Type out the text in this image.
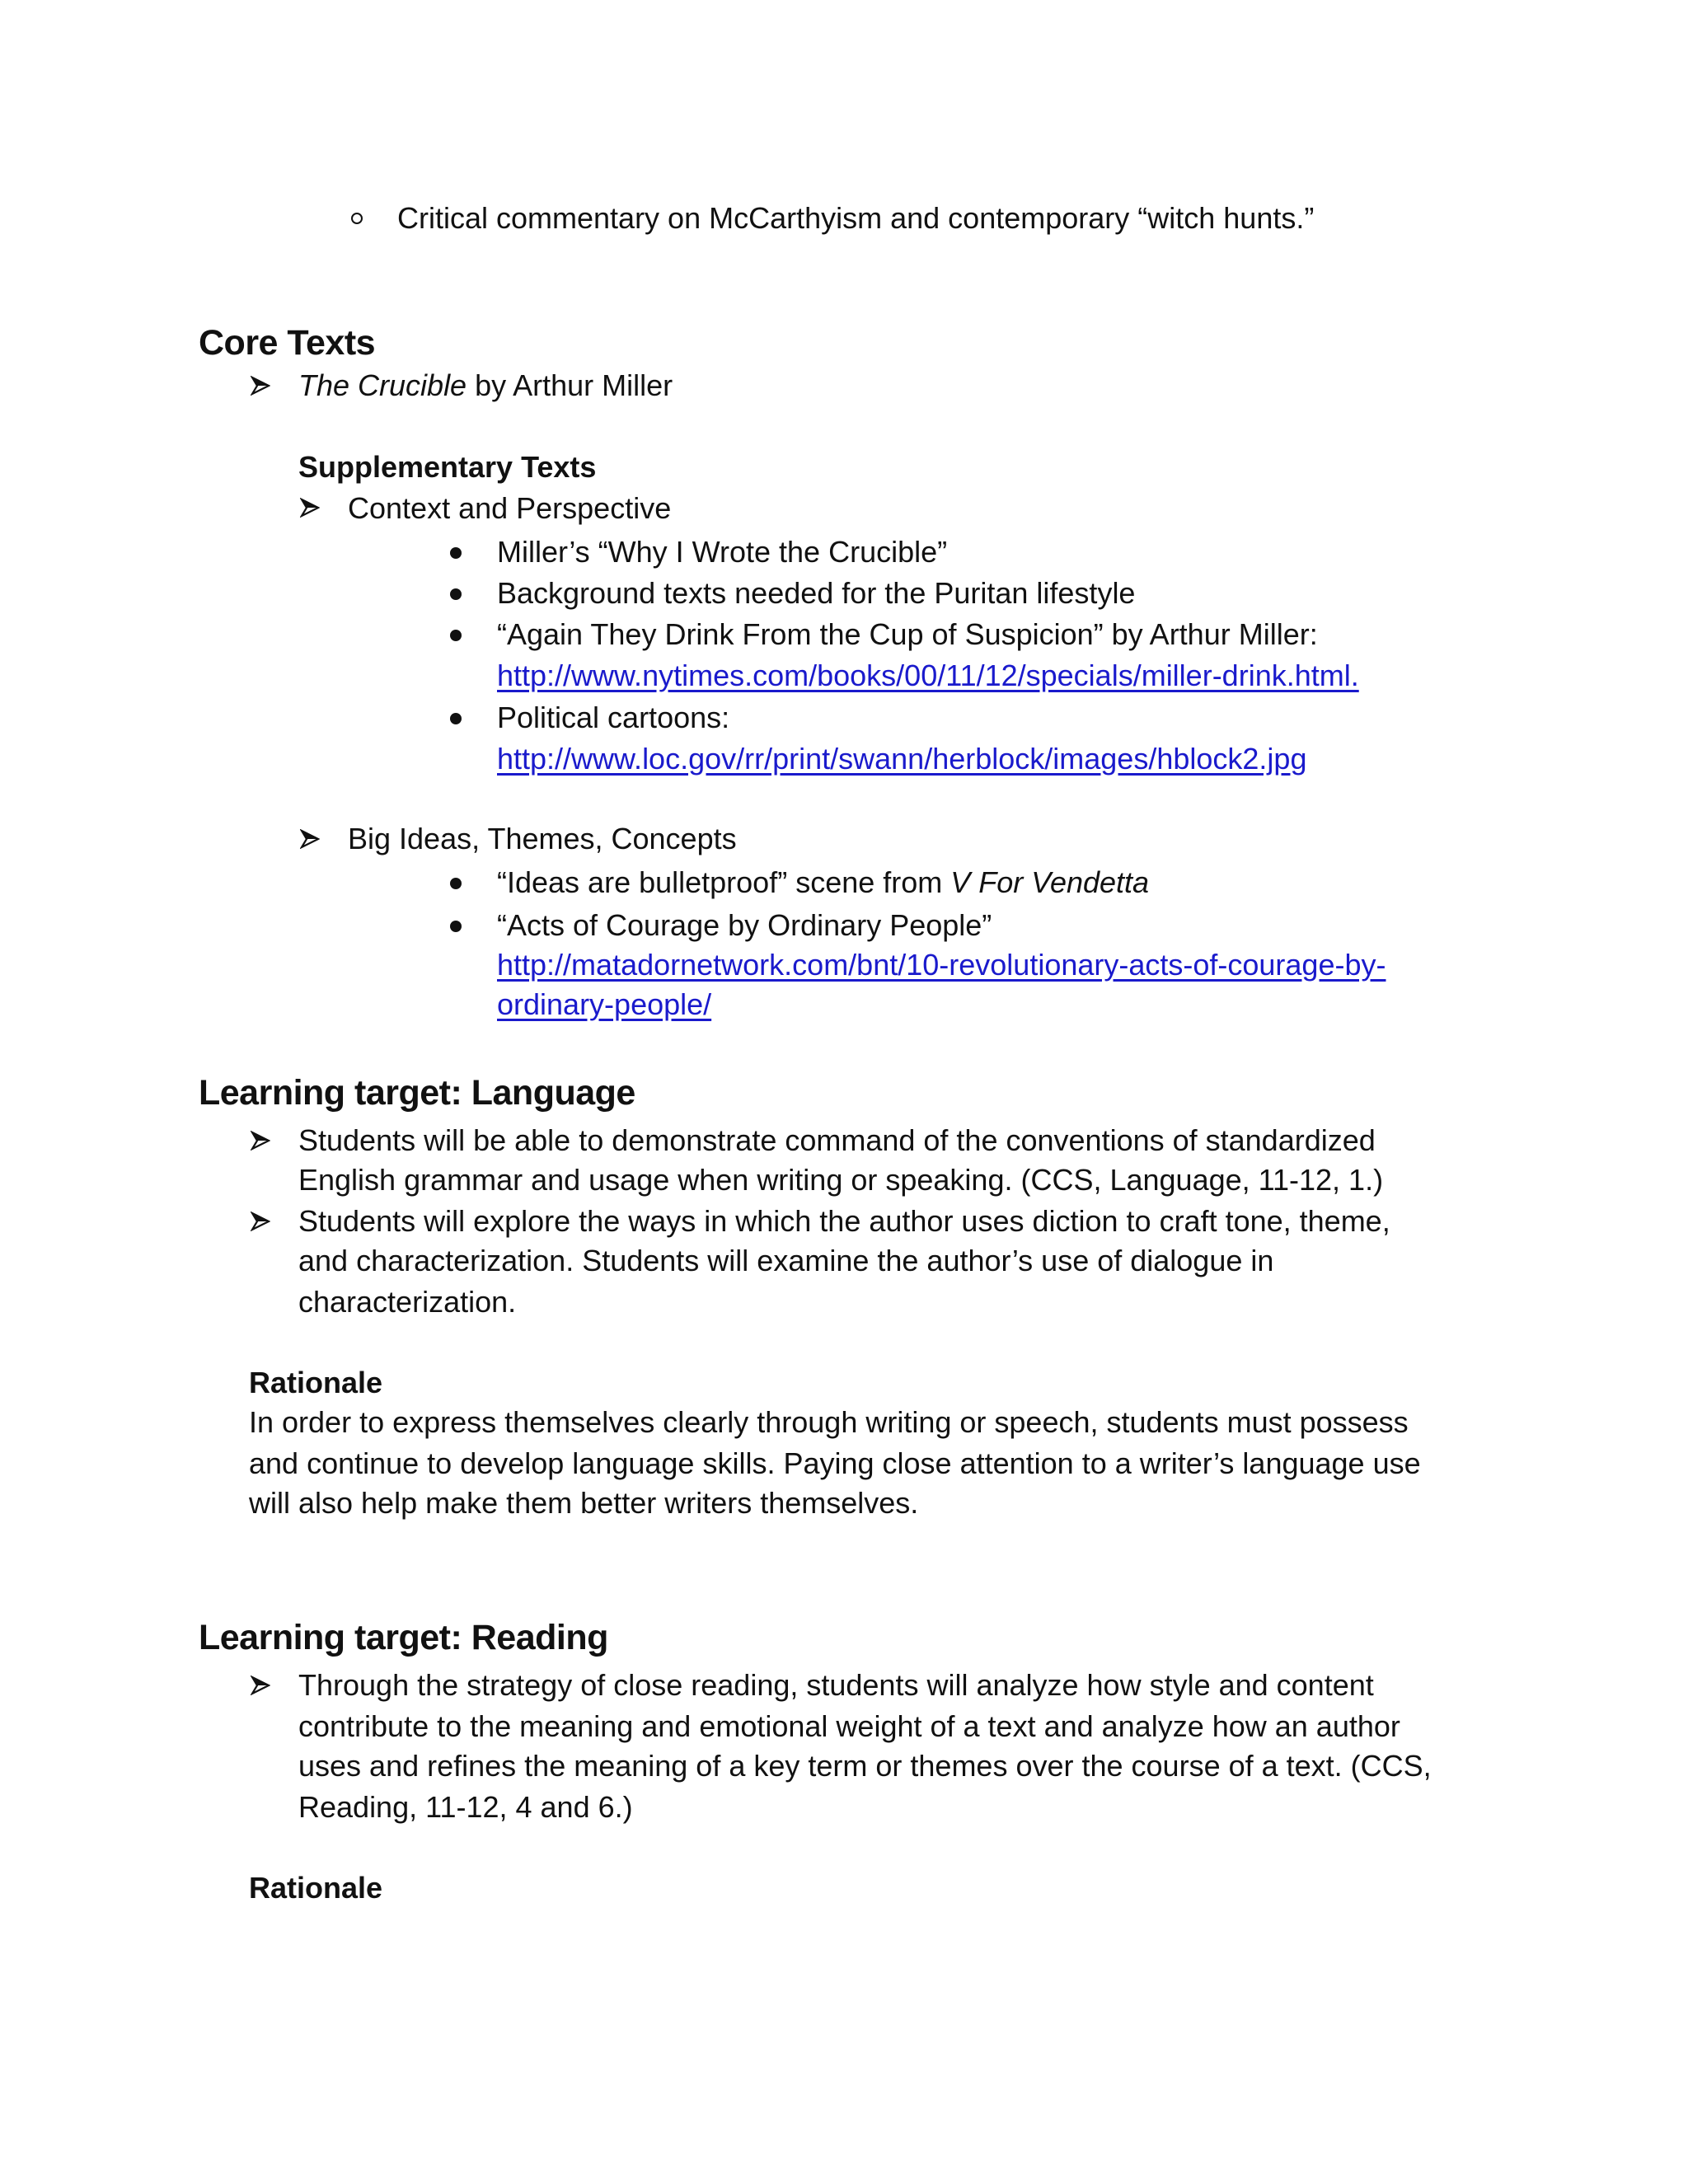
Critical commentary on McCarthyism and contemporary “witch hunts.”
Core Texts
The Crucible by Arthur Miller
Supplementary Texts
Context and Perspective
Miller’s “Why I Wrote the Crucible”
Background texts needed for the Puritan lifestyle
“Again They Drink From the Cup of Suspicion” by Arthur Miller:
http://www.nytimes.com/books/00/11/12/specials/miller-drink.html.
Political cartoons:
http://www.loc.gov/rr/print/swann/herblock/images/hblock2.jpg
Big Ideas, Themes, Concepts
“Ideas are bulletproof” scene from V For Vendetta
“Acts of Courage by Ordinary People”
http://matadornetwork.com/bnt/10-revolutionary-acts-of-courage-by-
ordinary-people/
Learning target: Language
Students will be able to demonstrate command of the conventions of standardized
English grammar and usage when writing or speaking. (CCS, Language, 11-12, 1.)
Students will explore the ways in which the author uses diction to craft tone, theme,
and characterization. Students will examine the author’s use of dialogue in
characterization.
Rationale
In order to express themselves clearly through writing or speech, students must possess
and continue to develop language skills. Paying close attention to a writer’s language use
will also help make them better writers themselves.
Learning target: Reading
Through the strategy of close reading, students will analyze how style and content
contribute to the meaning and emotional weight of a text and analyze how an author
uses and refines the meaning of a key term or themes over the course of a text. (CCS,
Reading, 11-12, 4 and 6.)
Rationale
